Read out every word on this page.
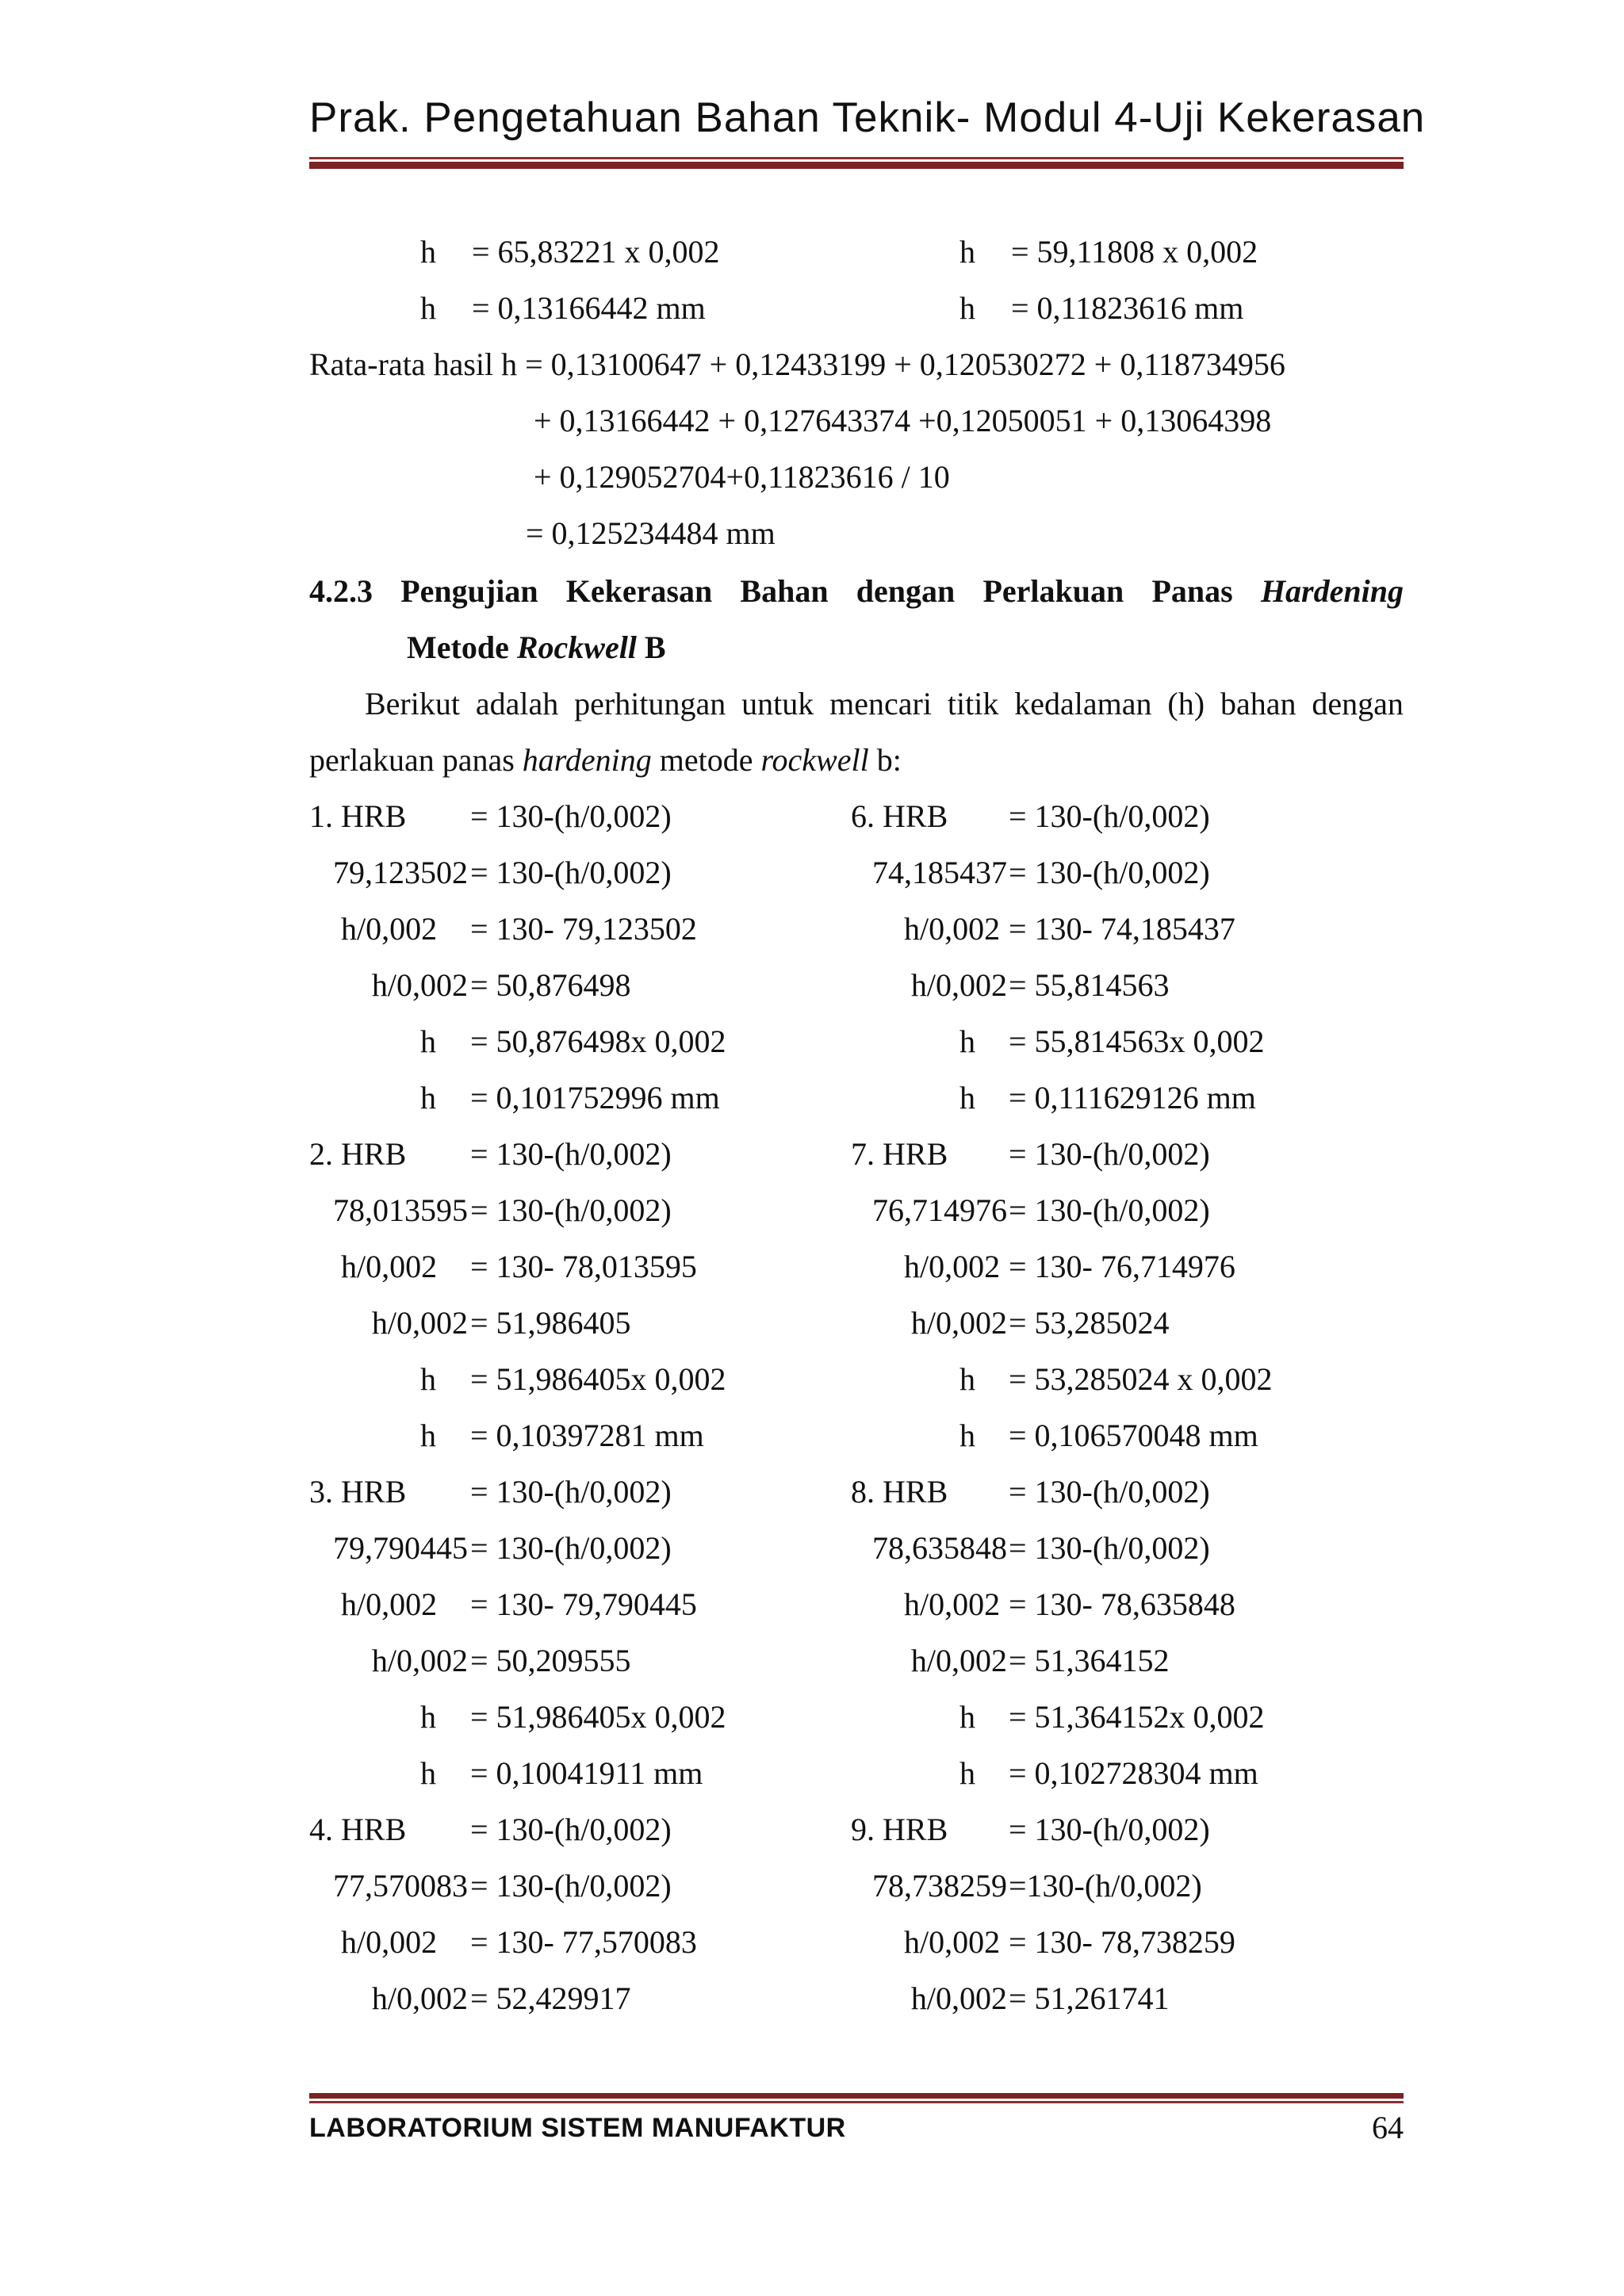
Prak. Pengetahuan Bahan Teknik- Modul 4-Uji Kekerasan
h = 65,83221 x 0,002
h = 0,13166442 mm
h = 59,11808 x 0,002
h = 0,11823616 mm
Rata-rata hasil h = 0,13100647 + 0,12433199 + 0,120530272 + 0,118734956
+ 0,13166442 + 0,127643374 +0,12050051 + 0,13064398
+ 0,129052704+0,11823616 / 10
= 0,125234484 mm
4.2.3 Pengujian Kekerasan Bahan dengan Perlakuan Panas Hardening
Metode Rockwell B
Berikut adalah perhitungan untuk mencari titik kedalaman (h) bahan dengan
perlakuan panas hardening metode rockwell b:
1. HRB = 130-(h/0,002)
79,123502 = 130-(h/0,002)
h/0,002 = 130- 79,123502
h/0,002 = 50,876498
h = 50,876498x 0,002
h = 0,101752996 mm
2. HRB = 130-(h/0,002)
78,013595 = 130-(h/0,002)
h/0,002 = 130- 78,013595
h/0,002 = 51,986405
h = 51,986405x 0,002
h = 0,10397281 mm
3. HRB = 130-(h/0,002)
79,790445 = 130-(h/0,002)
h/0,002 = 130- 79,790445
h/0,002 = 50,209555
h = 51,986405x 0,002
h = 0,10041911 mm
4. HRB = 130-(h/0,002)
77,570083 = 130-(h/0,002)
h/0,002 = 130- 77,570083
h/0,002 = 52,429917
6. HRB = 130-(h/0,002)
74,185437 = 130-(h/0,002)
h/0,002 = 130- 74,185437
h/0,002 = 55,814563
h = 55,814563x 0,002
h = 0,111629126 mm
7. HRB = 130-(h/0,002)
76,714976 = 130-(h/0,002)
h/0,002 = 130- 76,714976
h/0,002 = 53,285024
h = 53,285024 x 0,002
h = 0,106570048 mm
8. HRB = 130-(h/0,002)
78,635848 = 130-(h/0,002)
h/0,002 = 130- 78,635848
h/0,002 = 51,364152
h = 51,364152x 0,002
h = 0,102728304 mm
9. HRB = 130-(h/0,002)
78,738259 =130-(h/0,002)
h/0,002 = 130- 78,738259
h/0,002 = 51,261741
LABORATORIUM SISTEM MANUFAKTUR	64
